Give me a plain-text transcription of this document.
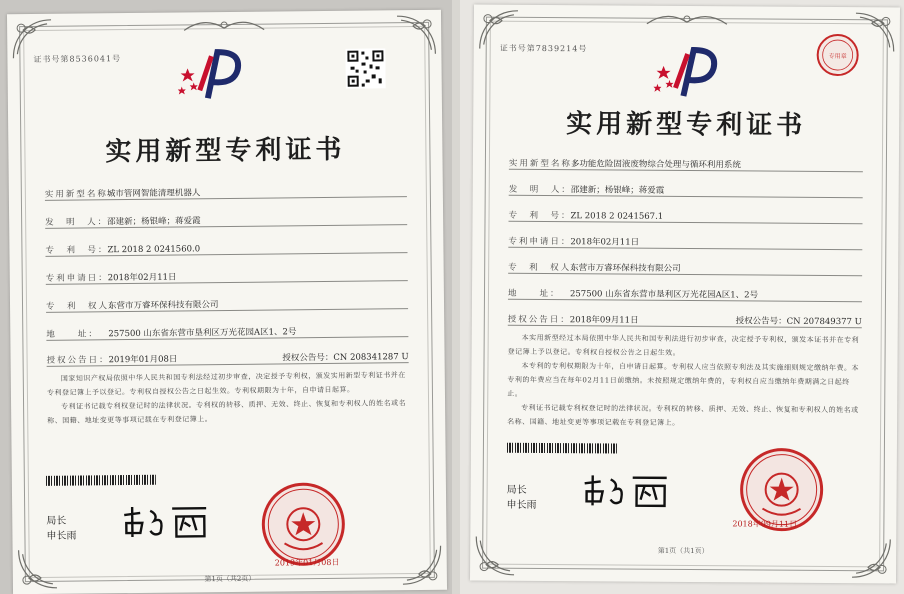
证书号第8536041号
实用新型专利证书
实用新型名称：
城市管网智能清理机器人
发　明　人：
邵建新；杨银峰；蒋爱霞
专　利　号：
ZL 2018 2 0241560.0
专利申请日：
2018年02月11日
专　利　权人：
东营市万睿环保科技有限公司
地　　址：	257500 山东省东营市垦利区万光花园A区1、2号
授权公告日：
2019年01月08日	授权公告号：CN 208341287 U

国家知识产权局依照中华人民共和国专利法经过初步审查，决定授予专利权，颁发实用新型专利证书并在专利登记簿上予以登记。专利权自授权公告之日起生效。专利权期限为十年，自申请日起算。

专利证书记载专利权登记时的法律状况。专利权的转移、质押、无效、终止、恢复和专利权人的姓名或名称、国籍、地址变更等事项记载在专利登记簿上。

局长
申长雨
2019年01月08日
第1页（共2页）
证书号第7839214号
专用章
实用新型专利证书
实用新型名称：
多功能危险固液废物综合处理与循环利用系统
发　明　人：
邵建新；杨银峰；蒋爱霞
专　利　号：
ZL 2018 2 0241567.1
专利申请日：
2018年02月11日
专　利　权人：
东营市万睿环保科技有限公司
地　　址：	257500 山东省东营市垦利区万光花园A区1、2号
授权公告日：
2018年09月11日	授权公告号：CN 207849377 U

本实用新型经过本局依照中华人民共和国专利法进行初步审查，决定授予专利权，颁发本证书并在专利登记簿上予以登记。专利权自授权公告之日起生效。

本专利的专利权期限为十年，自申请日起算。专利权人应当依照专利法及其实施细则规定缴纳年费。本专利的年费应当在每年02月11日前缴纳。未按照规定缴纳年费的，专利权自应当缴纳年费期满之日起终止。

专利证书记载专利权登记时的法律状况。专利权的转移、质押、无效、终止、恢复和专利权人的姓名或名称、国籍、地址变更等事项记载在专利登记簿上。

局长
申长雨
2018年09月11日
第1页（共1页）
